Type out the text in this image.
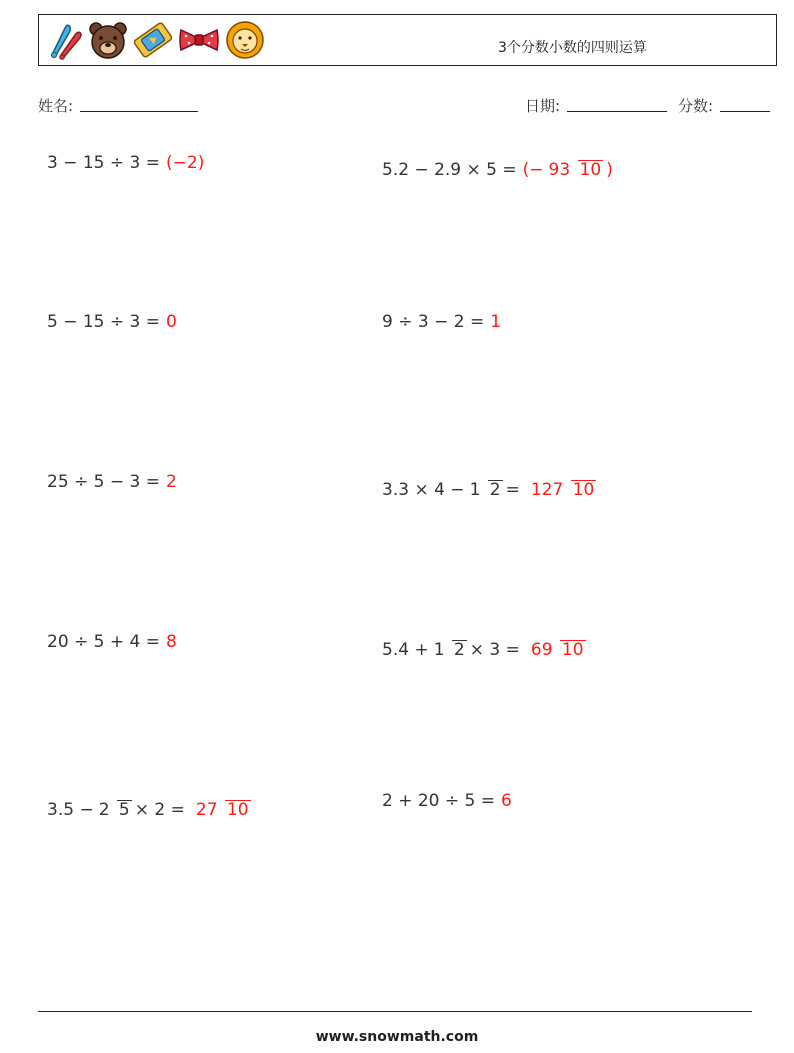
3个分数小数的四则运算
姓名:	日期:	分数:
3 − 15 ÷ 3 = (−2)	5.2 − 2.9 × 5 = (− 93 10 )
5 − 15 ÷ 3 = 0	9 ÷ 3 − 2 = 1
25 ÷ 5 − 3 = 2	3.3 × 4 − 1 2 = 127 10
20 ÷ 5 + 4 = 8	5.4 + 1 2 × 3 = 69 10
3.5 − 2 5 × 2 = 27 10	2 + 20 ÷ 5 = 6
www.snowmath.com
